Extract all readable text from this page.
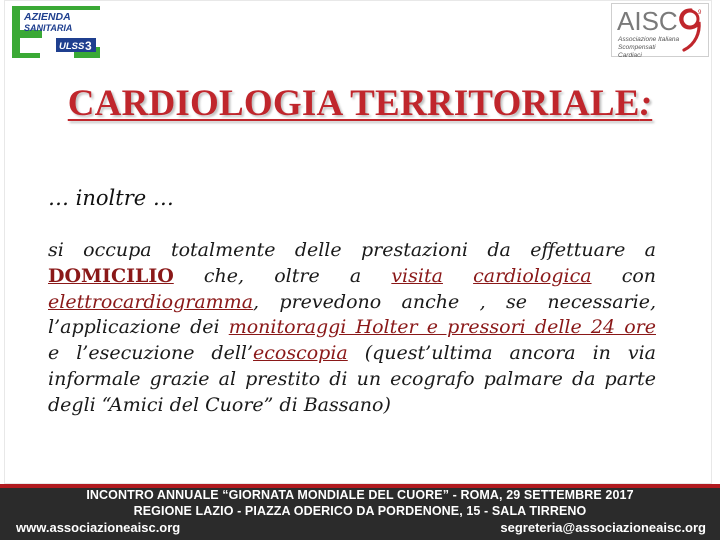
AZIENDA
SANITARIA
ULSS 3
AISC
Associazione Italiana
Scompensati Cardiaci
9
CARDIOLOGIA TERRITORIALE:
… inoltre …
si occupa totalmente delle prestazioni da effettuare a
DOMICILIO che, oltre a visita cardiologica con
elettrocardiogramma, prevedono anche , se necessarie,
l’applicazione dei monitoraggi Holter e pressori delle 24 ore
e l’esecuzione dell’ecoscopia (quest’ultima ancora in via
informale grazie al prestito di un ecografo palmare da parte
degli “Amici del Cuore” di Bassano)
INCONTRO ANNUALE “GIORNATA MONDIALE DEL CUORE” - ROMA, 29 SETTEMBRE 2017
REGIONE LAZIO - PIAZZA ODERICO DA PORDENONE, 15 - SALA TIRRENO
www.associazioneaisc.org	segreteria@associazioneaisc.org
